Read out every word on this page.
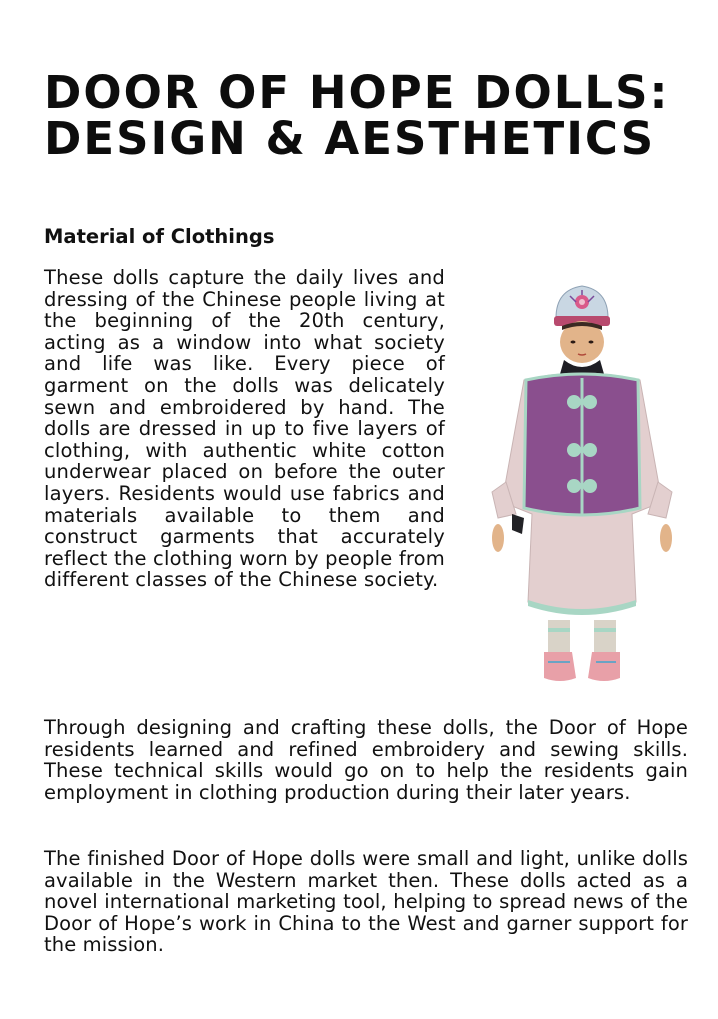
DOOR OF HOPE DOLLS:
DESIGN & AESTHETICS
Material of Clothings

These dolls capture the daily lives and dressing of the Chinese people living at the beginning of the 20th century, acting as a window into what society and life was like. Every piece of garment on the dolls was delicately sewn and embroidered by hand. The dolls are dressed in up to five layers of clothing, with authentic white cotton underwear placed on before the outer layers. Residents would use fabrics and materials available to them and construct garments that accurately reflect the clothing worn by people from different classes of the Chinese society.

Through designing and crafting these dolls, the Door of Hope residents learned and refined embroidery and sewing skills. These technical skills would go on to help the residents gain employment in clothing production during their later years.

The finished Door of Hope dolls were small and light, unlike dolls available in the Western market then. These dolls acted as a novel international marketing tool, helping to spread news of the Door of Hope’s work in China to the West and garner support for the mission.
